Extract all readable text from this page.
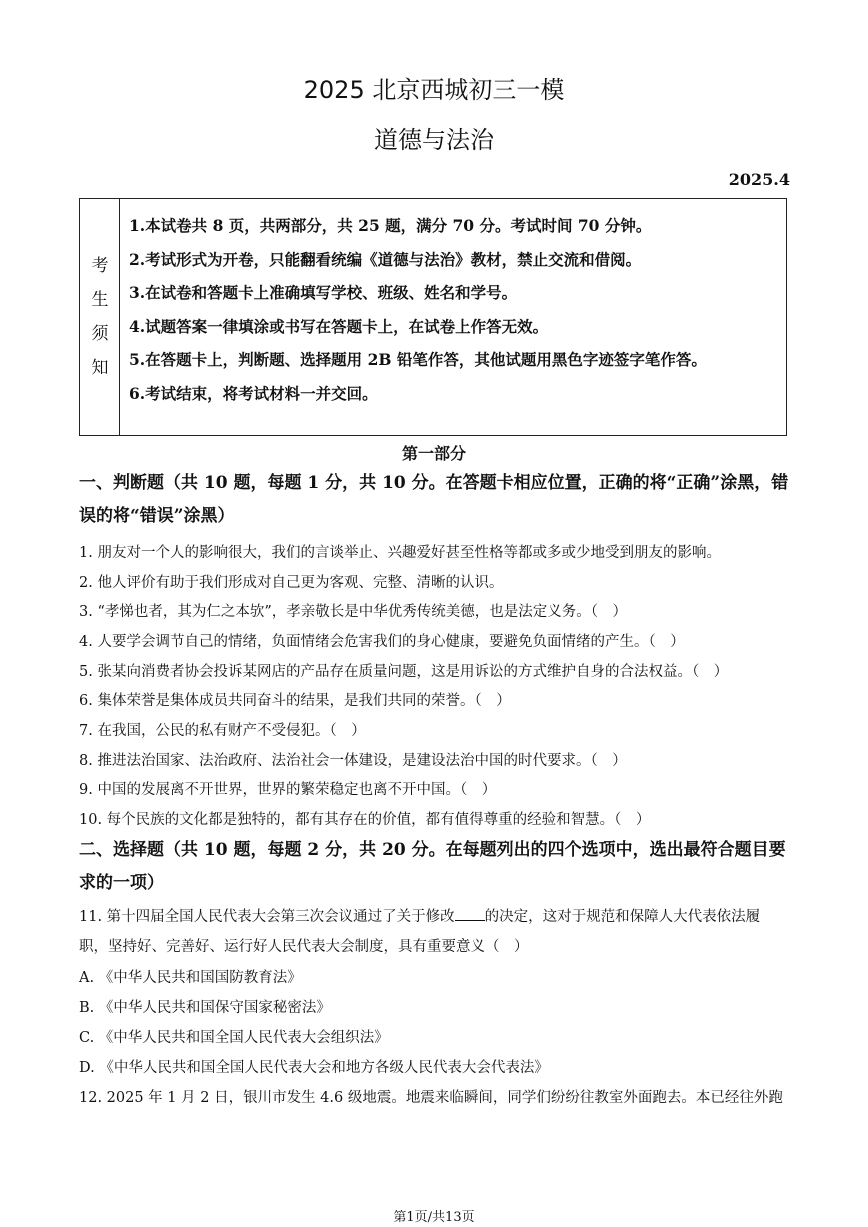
2025 北京西城初三一模
道德与法治
2025.4
考
生
须
知
1.本试卷共 8 页，共两部分，共 25 题，满分 70 分。考试时间 70 分钟。
2.考试形式为开卷，只能翻看统编《道德与法治》教材，禁止交流和借阅。
3.在试卷和答题卡上准确填写学校、班级、姓名和学号。
4.试题答案一律填涂或书写在答题卡上，在试卷上作答无效。
5.在答题卡上，判断题、选择题用 2B 铅笔作答，其他试题用黑色字迹签字笔作答。
6.考试结束，将考试材料一并交回。
第一部分
一、判断题（共 10 题，每题 1 分，共 10 分。在答题卡相应位置，正确的将“正确”涂黑，错误的将“错误”涂黑）
1. 朋友对一个人的影响很大，我们的言谈举止、兴趣爱好甚至性格等都或多或少地受到朋友的影响。
2. 他人评价有助于我们形成对自己更为客观、完整、清晰的认识。
3. “孝悌也者，其为仁之本欤”，孝亲敬长是中华优秀传统美德，也是法定义务。（　）
4. 人要学会调节自己的情绪，负面情绪会危害我们的身心健康，要避免负面情绪的产生。（　）
5. 张某向消费者协会投诉某网店的产品存在质量问题，这是用诉讼的方式维护自身的合法权益。（　）
6. 集体荣誉是集体成员共同奋斗的结果，是我们共同的荣誉。（　）
7. 在我国，公民的私有财产不受侵犯。（　）
8. 推进法治国家、法治政府、法治社会一体建设，是建设法治中国的时代要求。（　）
9. 中国的发展离不开世界，世界的繁荣稳定也离不开中国。（　）
10. 每个民族的文化都是独特的，都有其存在的价值，都有值得尊重的经验和智慧。（　）
二、选择题（共 10 题，每题 2 分，共 20 分。在每题列出的四个选项中，选出最符合题目要求的一项）
11. 第十四届全国人民代表大会第三次会议通过了关于修改 的决定，这对于规范和保障人大代表依法履职，坚持好、完善好、运行好人民代表大会制度，具有重要意义（　）
A. 《中华人民共和国国防教育法》
B. 《中华人民共和国保守国家秘密法》
C. 《中华人民共和国全国人民代表大会组织法》
D. 《中华人民共和国全国人民代表大会和地方各级人民代表大会代表法》
12. 2025 年 1 月 2 日，银川市发生 4.6 级地震。地震来临瞬间，同学们纷纷往教室外面跑去。本已经往外跑
第1页/共13页
